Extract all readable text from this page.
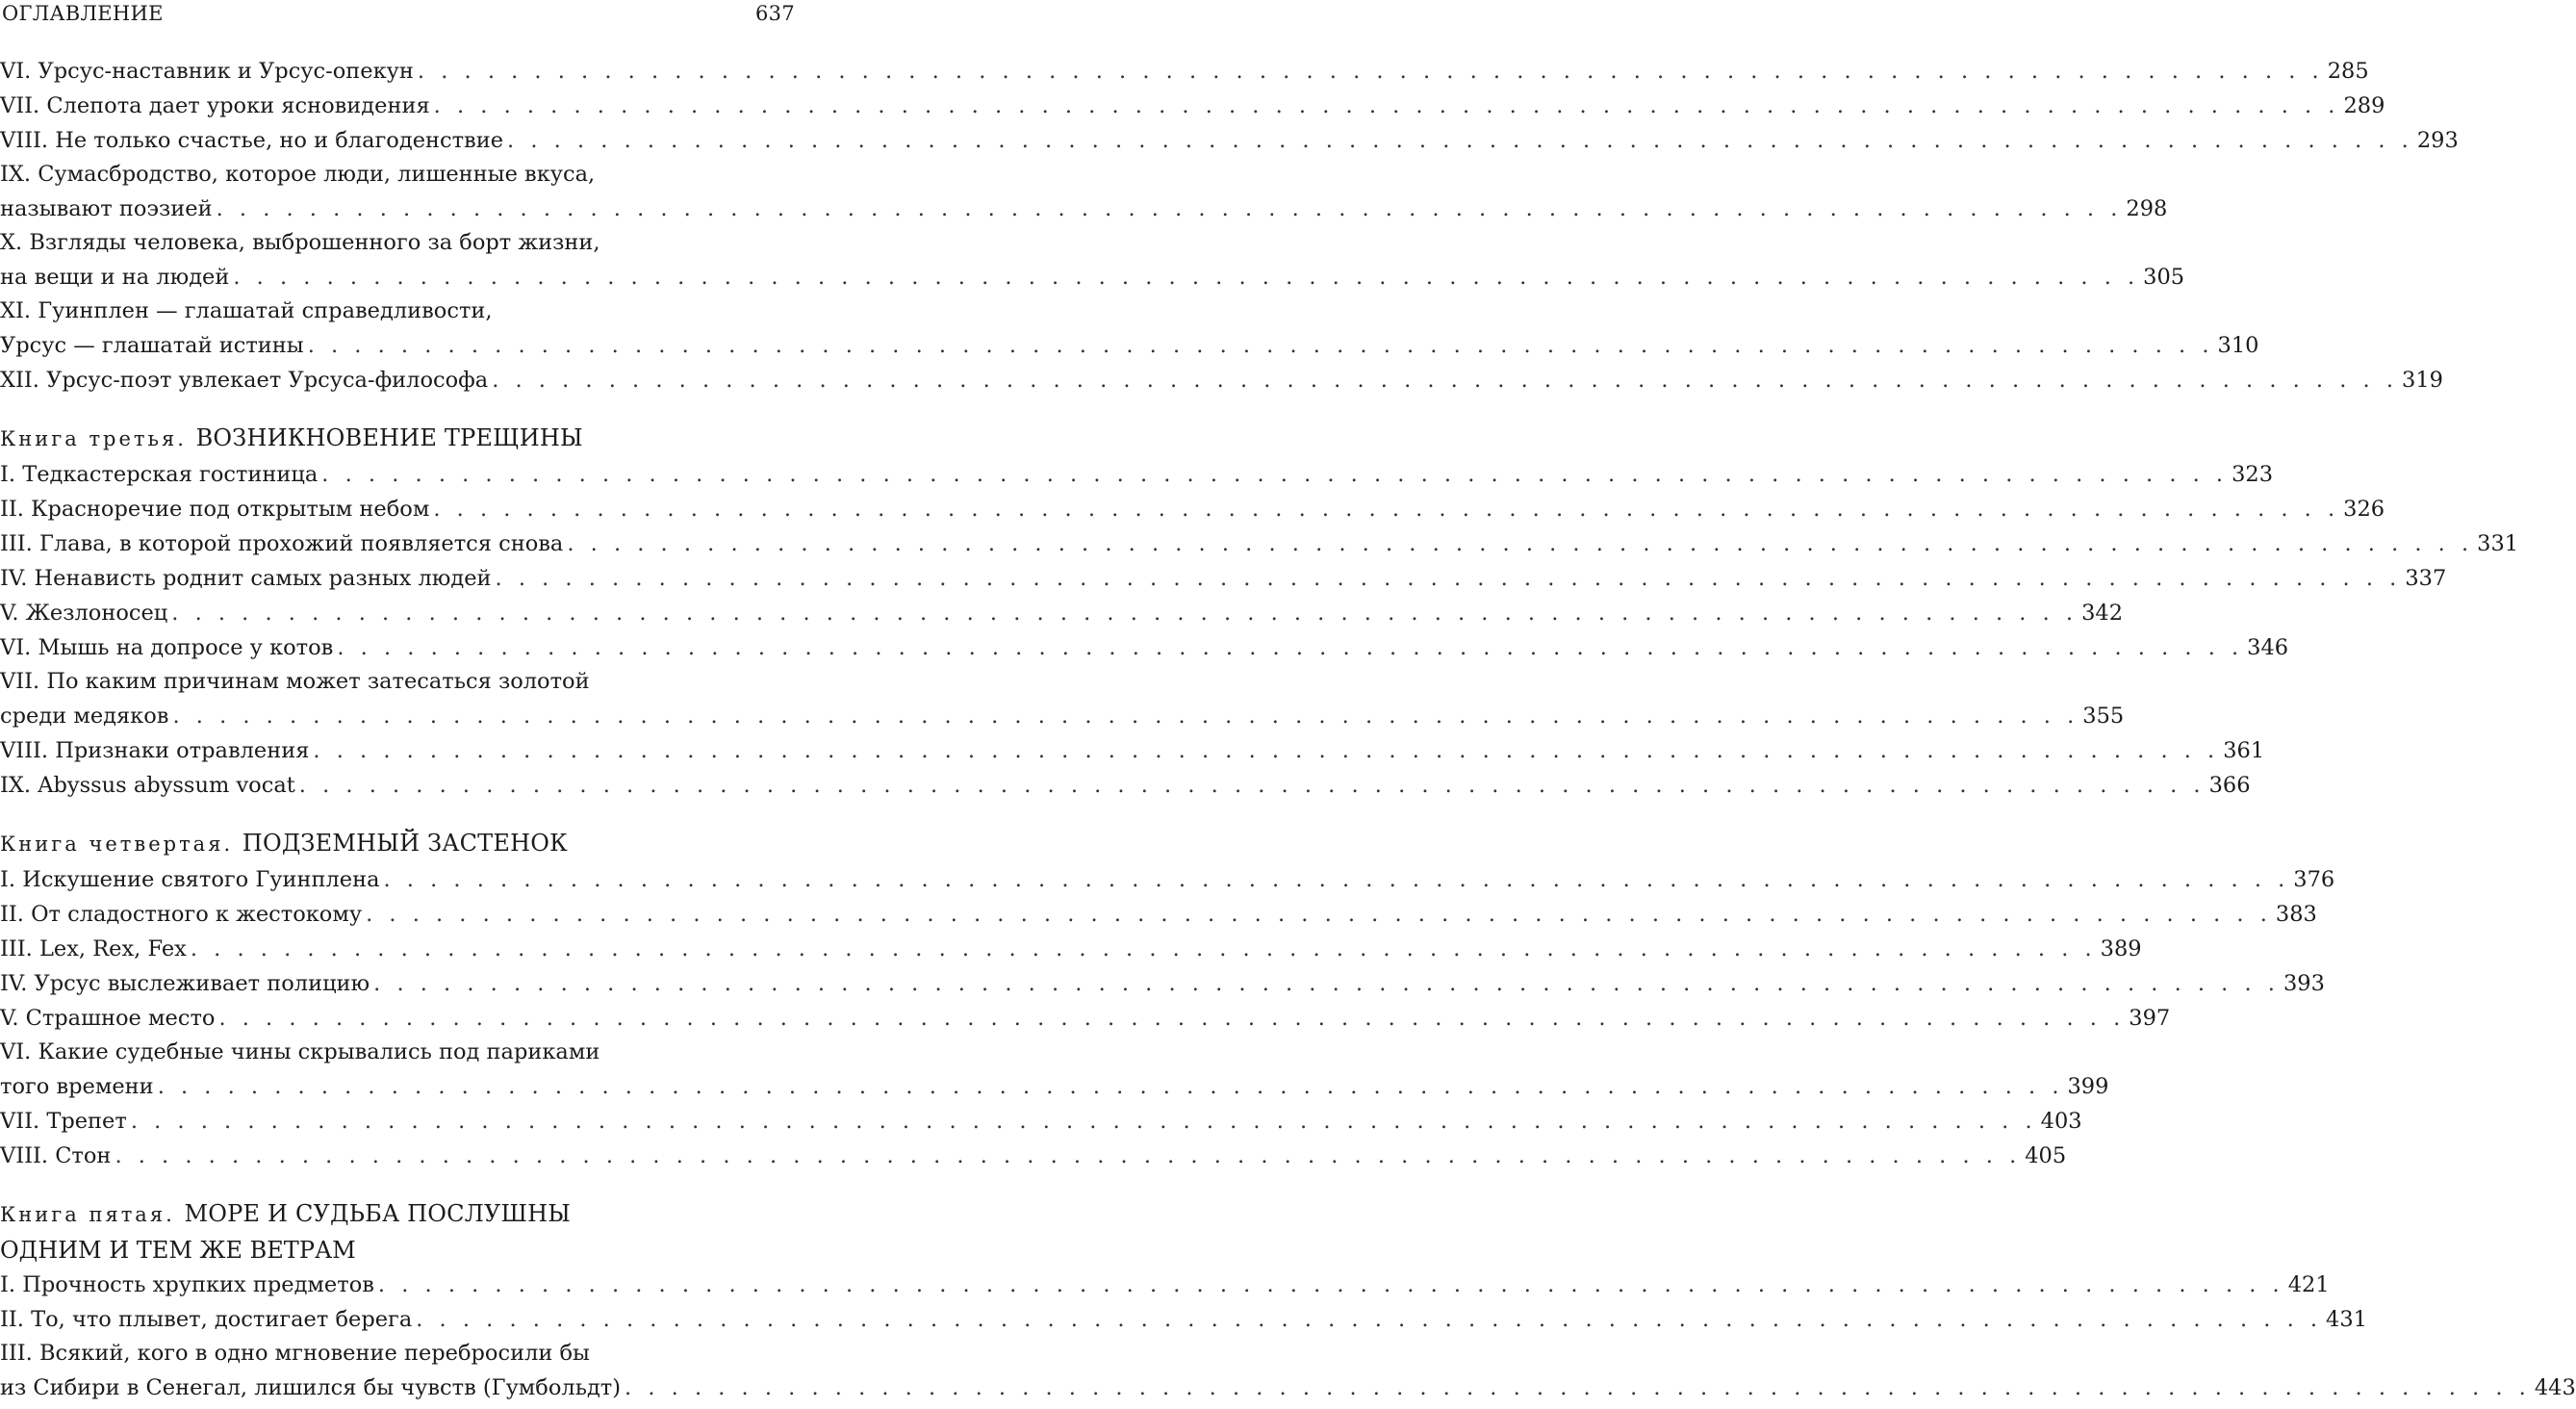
ОГЛАВЛЕНИЕ	637
VI. Урсус-наставник и Урсус-опекун . . . . . . . . . . . . . . . . . . . . . . . . . . . . . . . . . . . . . . . . . . . . . . . . . . . . . . . . . . . . . . . . . . . . . . . . . . . . . . . . . . 285
VII. Слепота дает уроки ясновидения . . . . . . . . . . . . . . . . . . . . . . . . . . . . . . . . . . . . . . . . . . . . . . . . . . . . . . . . . . . . . . . . . . . . . . . . . . . . . . . . . . 289
VIII. Не только счастье, но и благоденствие . . . . . . . . . . . . . . . . . . . . . . . . . . . . . . . . . . . . . . . . . . . . . . . . . . . . . . . . . . . . . . . . . . . . . . . . . . . . . . . . . . 293
IX. Сумасбродство, которое люди, лишенные вкуса,
называют поэзией . . . . . . . . . . . . . . . . . . . . . . . . . . . . . . . . . . . . . . . . . . . . . . . . . . . . . . . . . . . . . . . . . . . . . . . . . . . . . . . . . . 298
X. Взгляды человека, выброшенного за борт жизни,
на вещи и на людей . . . . . . . . . . . . . . . . . . . . . . . . . . . . . . . . . . . . . . . . . . . . . . . . . . . . . . . . . . . . . . . . . . . . . . . . . . . . . . . . . . 305
XI. Гуинплен — глашатай справедливости,
Урсус — глашатай истины . . . . . . . . . . . . . . . . . . . . . . . . . . . . . . . . . . . . . . . . . . . . . . . . . . . . . . . . . . . . . . . . . . . . . . . . . . . . . . . . . . 310
XII. Урсус-поэт увлекает Урсуса-философа . . . . . . . . . . . . . . . . . . . . . . . . . . . . . . . . . . . . . . . . . . . . . . . . . . . . . . . . . . . . . . . . . . . . . . . . . . . . . . . . . . 319
Книга третья. ВОЗНИКНОВЕНИЕ ТРЕЩИНЫ
I. Тедкастерская гостиница . . . . . . . . . . . . . . . . . . . . . . . . . . . . . . . . . . . . . . . . . . . . . . . . . . . . . . . . . . . . . . . . . . . . . . . . . . . . . . . . . . 323
II. Красноречие под открытым небом . . . . . . . . . . . . . . . . . . . . . . . . . . . . . . . . . . . . . . . . . . . . . . . . . . . . . . . . . . . . . . . . . . . . . . . . . . . . . . . . . . 326
III. Глава, в которой прохожий появляется снова . . . . . . . . . . . . . . . . . . . . . . . . . . . . . . . . . . . . . . . . . . . . . . . . . . . . . . . . . . . . . . . . . . . . . . . . . . . . . . . . . . 331
IV. Ненависть роднит самых разных людей . . . . . . . . . . . . . . . . . . . . . . . . . . . . . . . . . . . . . . . . . . . . . . . . . . . . . . . . . . . . . . . . . . . . . . . . . . . . . . . . . . 337
V. Жезлоносец . . . . . . . . . . . . . . . . . . . . . . . . . . . . . . . . . . . . . . . . . . . . . . . . . . . . . . . . . . . . . . . . . . . . . . . . . . . . . . . . . . 342
VI. Мышь на допросе у котов . . . . . . . . . . . . . . . . . . . . . . . . . . . . . . . . . . . . . . . . . . . . . . . . . . . . . . . . . . . . . . . . . . . . . . . . . . . . . . . . . . 346
VII. По каким причинам может затесаться золотой
среди медяков . . . . . . . . . . . . . . . . . . . . . . . . . . . . . . . . . . . . . . . . . . . . . . . . . . . . . . . . . . . . . . . . . . . . . . . . . . . . . . . . . . 355
VIII. Признаки отравления . . . . . . . . . . . . . . . . . . . . . . . . . . . . . . . . . . . . . . . . . . . . . . . . . . . . . . . . . . . . . . . . . . . . . . . . . . . . . . . . . . 361
IX. Abyssus abyssum vocat . . . . . . . . . . . . . . . . . . . . . . . . . . . . . . . . . . . . . . . . . . . . . . . . . . . . . . . . . . . . . . . . . . . . . . . . . . . . . . . . . . 366
Книга четвертая. ПОДЗЕМНЫЙ ЗАСТЕНОК
I. Искушение святого Гуинплена . . . . . . . . . . . . . . . . . . . . . . . . . . . . . . . . . . . . . . . . . . . . . . . . . . . . . . . . . . . . . . . . . . . . . . . . . . . . . . . . . . 376
II. От сладостного к жестокому . . . . . . . . . . . . . . . . . . . . . . . . . . . . . . . . . . . . . . . . . . . . . . . . . . . . . . . . . . . . . . . . . . . . . . . . . . . . . . . . . . 383
III. Lex, Rex, Fex . . . . . . . . . . . . . . . . . . . . . . . . . . . . . . . . . . . . . . . . . . . . . . . . . . . . . . . . . . . . . . . . . . . . . . . . . . . . . . . . . . 389
IV. Урсус выслеживает полицию . . . . . . . . . . . . . . . . . . . . . . . . . . . . . . . . . . . . . . . . . . . . . . . . . . . . . . . . . . . . . . . . . . . . . . . . . . . . . . . . . . 393
V. Страшное место . . . . . . . . . . . . . . . . . . . . . . . . . . . . . . . . . . . . . . . . . . . . . . . . . . . . . . . . . . . . . . . . . . . . . . . . . . . . . . . . . . 397
VI. Какие судебные чины скрывались под париками
того времени . . . . . . . . . . . . . . . . . . . . . . . . . . . . . . . . . . . . . . . . . . . . . . . . . . . . . . . . . . . . . . . . . . . . . . . . . . . . . . . . . . 399
VII. Трепет . . . . . . . . . . . . . . . . . . . . . . . . . . . . . . . . . . . . . . . . . . . . . . . . . . . . . . . . . . . . . . . . . . . . . . . . . . . . . . . . . . 403
VIII. Стон . . . . . . . . . . . . . . . . . . . . . . . . . . . . . . . . . . . . . . . . . . . . . . . . . . . . . . . . . . . . . . . . . . . . . . . . . . . . . . . . . . 405
Книга пятая. МОРЕ И СУДЬБА ПОСЛУШНЫ
ОДНИМ И ТЕМ ЖЕ ВЕТРАМ
I. Прочность хрупких предметов . . . . . . . . . . . . . . . . . . . . . . . . . . . . . . . . . . . . . . . . . . . . . . . . . . . . . . . . . . . . . . . . . . . . . . . . . . . . . . . . . . 421
II. То, что плывет, достигает берега . . . . . . . . . . . . . . . . . . . . . . . . . . . . . . . . . . . . . . . . . . . . . . . . . . . . . . . . . . . . . . . . . . . . . . . . . . . . . . . . . . 431
III. Всякий, кого в одно мгновение перебросили бы
из Сибири в Сенегал, лишился бы чувств (Гумбольдт) . . . . . . . . . . . . . . . . . . . . . . . . . . . . . . . . . . . . . . . . . . . . . . . . . . . . . . . . . . . . . . . . . . . . . . . . . . . . . . . . . . 443
